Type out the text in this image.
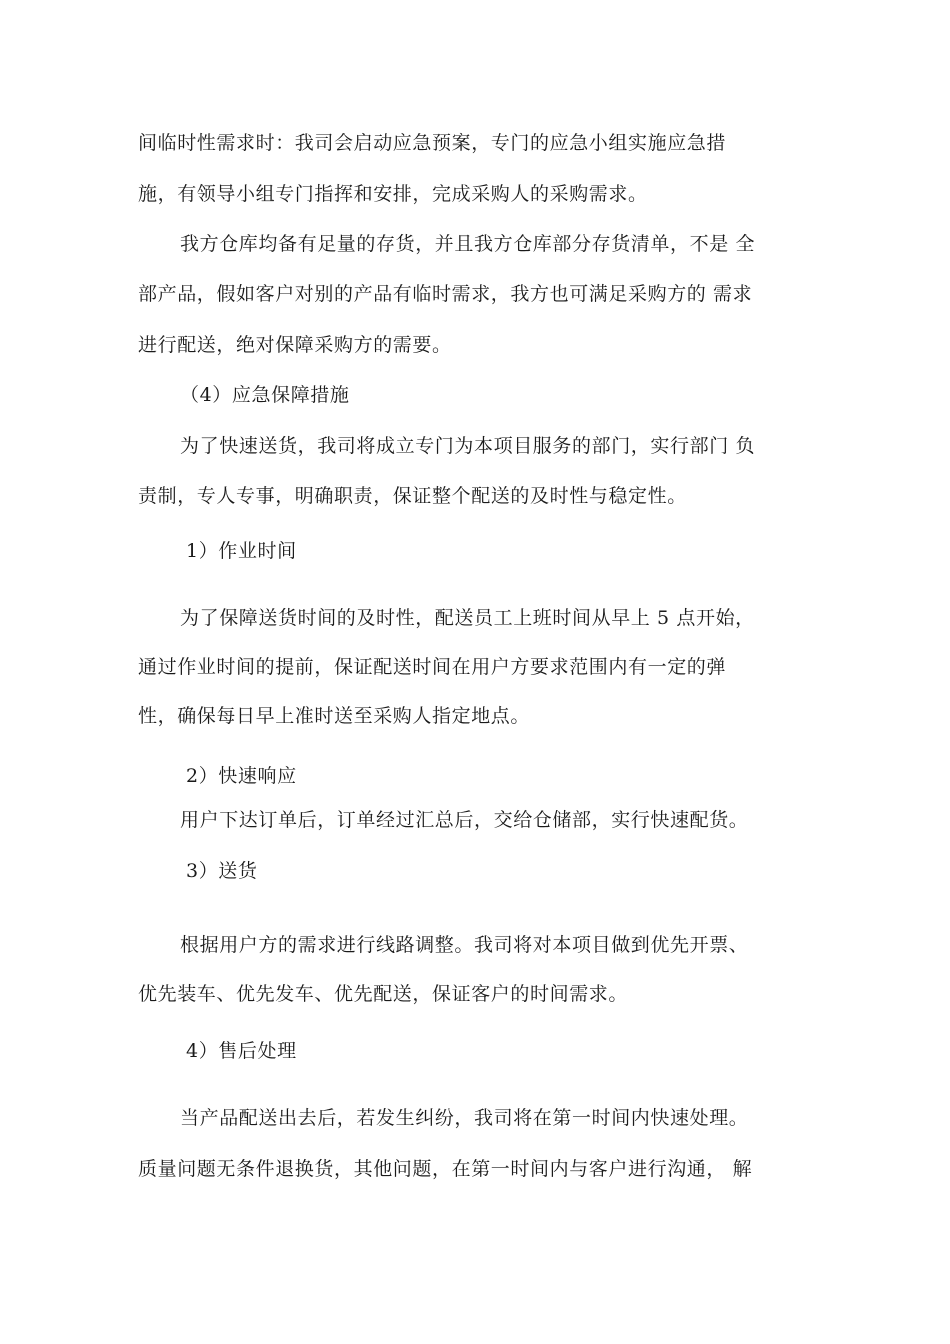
间临时性需求时：我司会启动应急预案，专门的应急小组实施应急措
施，有领导小组专门指挥和安排，完成采购人的采购需求。
我方仓库均备有足量的存货，并且我方仓库部分存货清单，不是 全
部产品，假如客户对别的产品有临时需求，我方也可满足采购方的 需求
进行配送，绝对保障采购方的需要。
（4）应急保障措施
为了快速送货，我司将成立专门为本项目服务的部门，实行部门 负
责制，专人专事，明确职责，保证整个配送的及时性与稳定性。
1）作业时间
为了保障送货时间的及时性，配送员工上班时间从早上 5 点开始，
通过作业时间的提前，保证配送时间在用户方要求范围内有一定的弹
性，确保每日早上准时送至采购人指定地点。
2）快速响应
用户下达订单后，订单经过汇总后，交给仓储部，实行快速配货。
3）送货
根据用户方的需求进行线路调整。我司将对本项目做到优先开票、
优先装车、优先发车、优先配送，保证客户的时间需求。
4）售后处理
当产品配送出去后，若发生纠纷，我司将在第一时间内快速处理。
质量问题无条件退换货，其他问题，在第一时间内与客户进行沟通， 解
